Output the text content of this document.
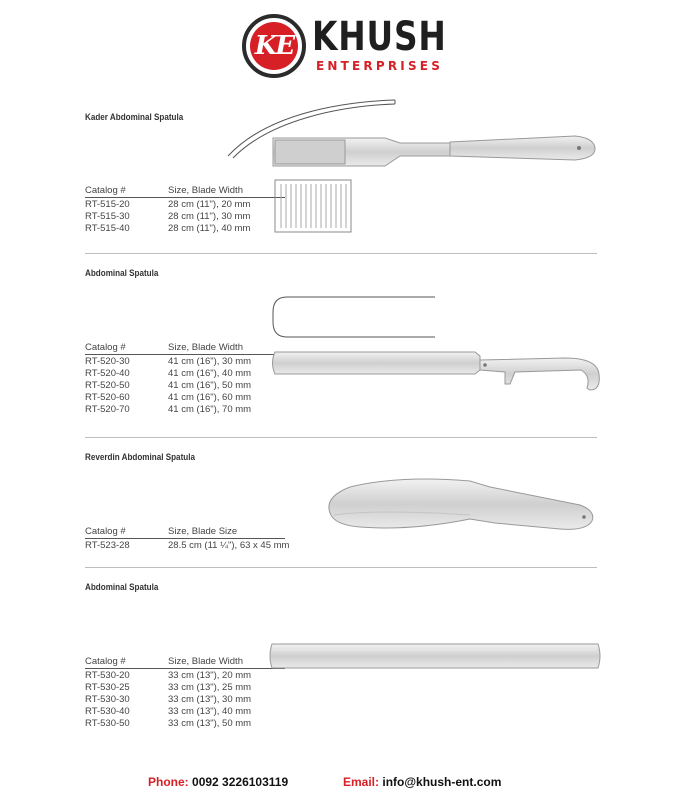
KE KHUSH
ENTERPRISES
Kader Abdominal Spatula
Catalog #	Size, Blade Width
RT-515-20	28 cm (11"), 20 mm
RT-515-30	28 cm (11"), 30 mm
RT-515-40	28 cm (11"), 40 mm
Abdominal Spatula
Catalog #	Size, Blade Width
RT-520-30	41 cm (16"), 30 mm
RT-520-40	41 cm (16"), 40 mm
RT-520-50	41 cm (16"), 50 mm
RT-520-60	41 cm (16"), 60 mm
RT-520-70	41 cm (16"), 70 mm
Reverdin Abdominal Spatula
Catalog #	Size, Blade Size
RT-523-28	28.5 cm (11 ¼"), 63 x 45 mm
Abdominal Spatula
Catalog #	Size, Blade Width
RT-530-20	33 cm (13"), 20 mm
RT-530-25	33 cm (13"), 25 mm
RT-530-30	33 cm (13"), 30 mm
RT-530-40	33 cm (13"), 40 mm
RT-530-50	33 cm (13"), 50 mm
Phone: 0092 3226103119	Email: info@khush-ent.com
